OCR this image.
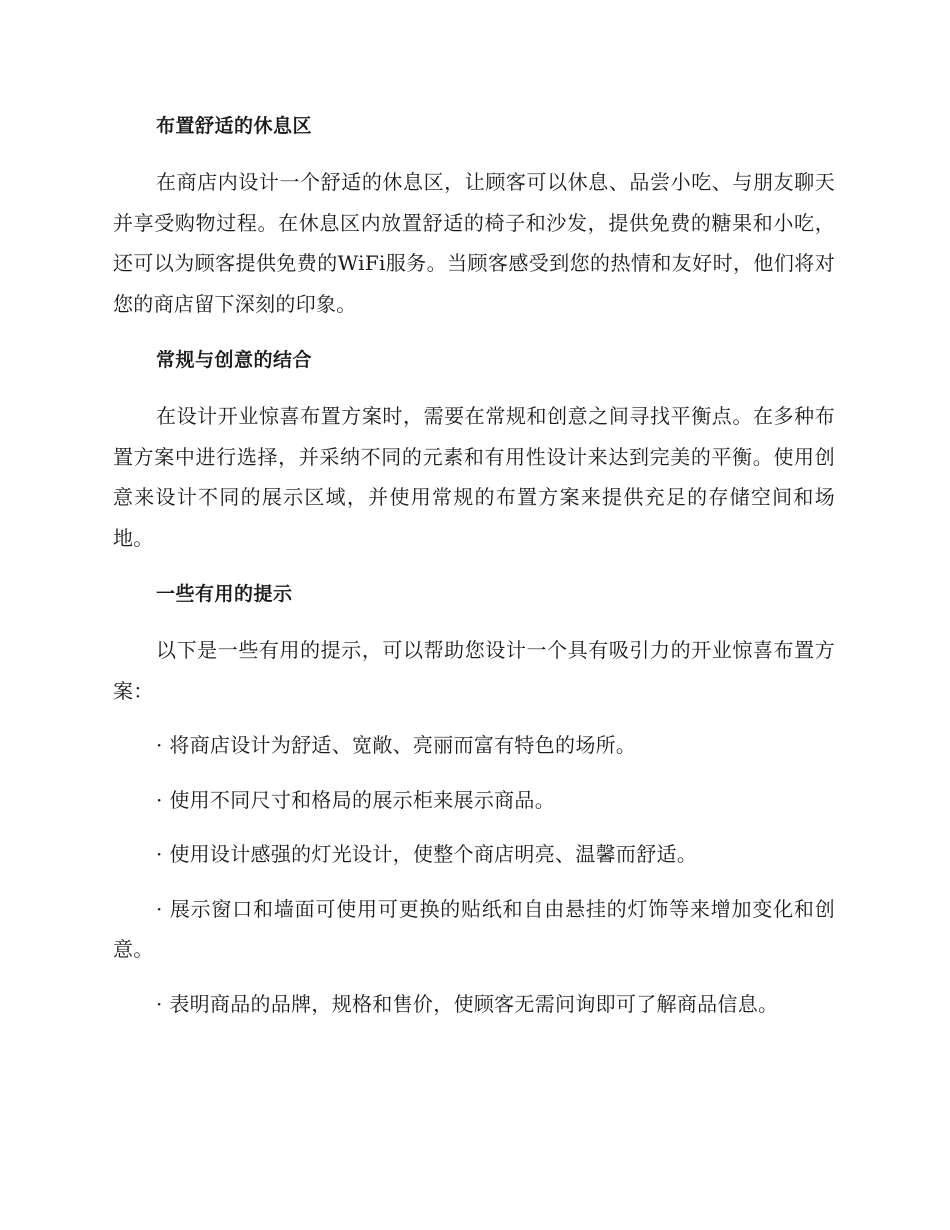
布置舒适的休息区
在商店内设计一个舒适的休息区，让顾客可以休息、品尝小吃、与朋友聊天并享受购物过程。在休息区内放置舒适的椅子和沙发，提供免费的糖果和小吃，还可以为顾客提供免费的WiFi服务。当顾客感受到您的热情和友好时，他们将对您的商店留下深刻的印象。
常规与创意的结合
在设计开业惊喜布置方案时，需要在常规和创意之间寻找平衡点。在多种布置方案中进行选择，并采纳不同的元素和有用性设计来达到完美的平衡。使用创意来设计不同的展示区域，并使用常规的布置方案来提供充足的存储空间和场地。
一些有用的提示
以下是一些有用的提示，可以帮助您设计一个具有吸引力的开业惊喜布置方案：
· 将商店设计为舒适、宽敞、亮丽而富有特色的场所。
· 使用不同尺寸和格局的展示柜来展示商品。
· 使用设计感强的灯光设计，使整个商店明亮、温馨而舒适。
· 展示窗口和墙面可使用可更换的贴纸和自由悬挂的灯饰等来增加变化和创意。
· 表明商品的品牌，规格和售价，使顾客无需问询即可了解商品信息。
